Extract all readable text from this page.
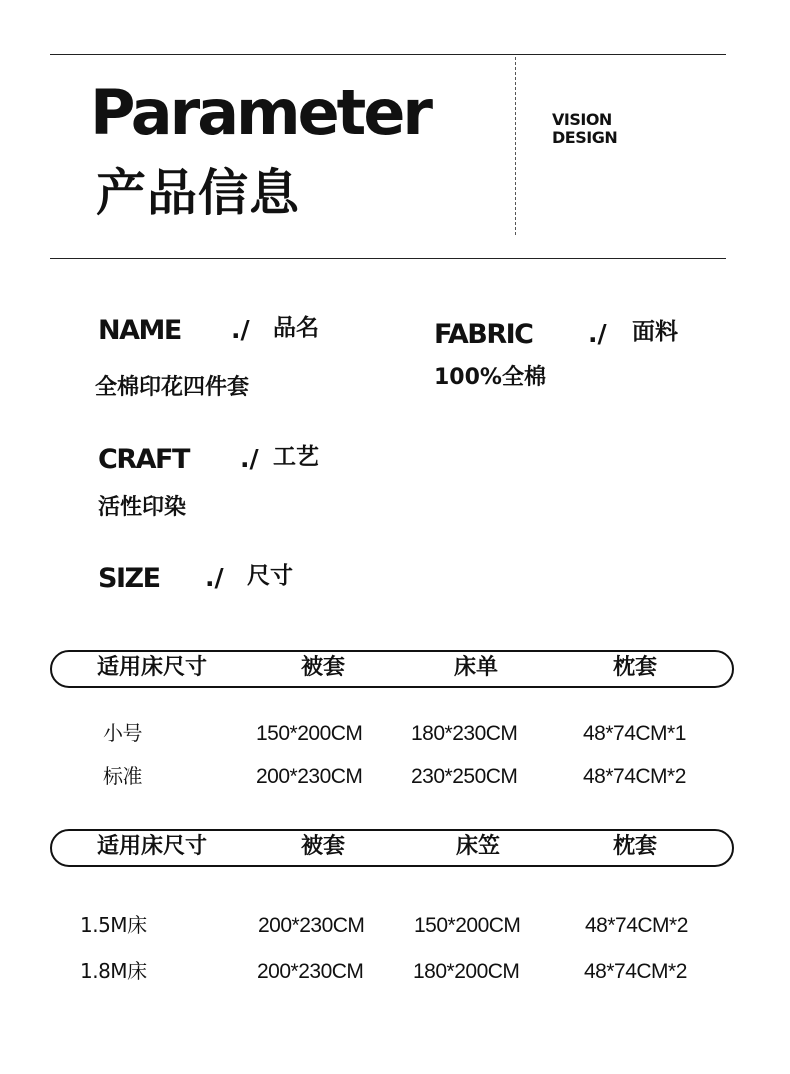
Parameter
产品信息
VISION
DESIGN
NAME ./ 品名
全棉印花四件套
FABRIC ./ 面料
100%全棉
CRAFT ./ 工艺
活性印染
SIZE ./ 尺寸
适用床尺寸	被套	床单	枕套
小号	150*200CM 180*230CM	48*74CM*1
标准	200*230CM 230*250CM	48*74CM*2
适用床尺寸	被套	床笠	枕套
1.5M床	200*230CM 150*200CM	48*74CM*2
1.8M床	200*230CM 180*200CM	48*74CM*2
